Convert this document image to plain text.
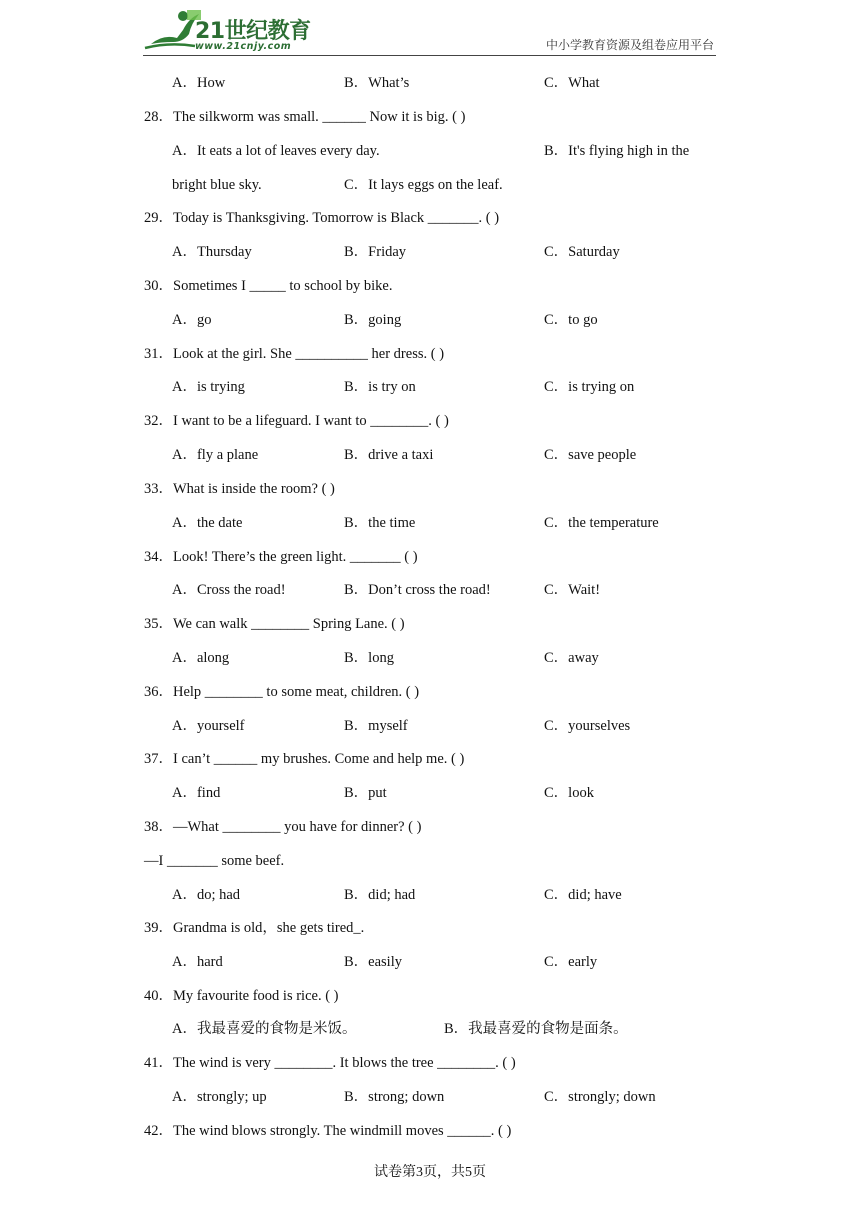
21世纪教育
www.21cnjy.com	中小学教育资源及组卷应用平台
A．How	B．What’s	C．What
28．The silkworm was small. ______ Now it is big. ( )
A．It eats a lot of leaves every day.	B．It's flying high in the
bright blue sky.	C．It lays eggs on the leaf.
29．Today is Thanksgiving. Tomorrow is Black _______. ( )
A．Thursday	B．Friday	C．Saturday
30．Sometimes I _____ to school by bike.
A．go	B．going	C．to go
31．Look at the girl. She __________ her dress. ( )
A．is trying	B．is try on	C．is trying on
32．I want to be a lifeguard. I want to ________. ( )
A．fly a plane	B．drive a taxi	C．save people
33．What is inside the room? ( )
A．the date	B．the time	C．the temperature
34．Look! There’s the green light. _______ ( )
A．Cross the road!	B．Don’t cross the road!	C．Wait!
35．We can walk ________ Spring Lane. ( )
A．along	B．long	C．away
36．Help ________ to some meat, children. ( )
A．yourself	B．myself	C．yourselves
37．I can’t ______ my brushes. Come and help me. ( )
A．find	B．put	C．look
38．—What ________ you have for dinner? ( )
—I _______ some beef.
A．do; had	B．did; had	C．did; have
39．Grandma is old，she gets tired_.
A．hard	B．easily	C．early
40．My favourite food is rice. ( )
A．我最喜爱的食物是米饭。	B．我最喜爱的食物是面条。
41．The wind is very ________. It blows the tree ________. ( )
A．strongly; up	B．strong; down	C．strongly; down
42．The wind blows strongly. The windmill moves ______. ( )
试卷第3页，共5页
